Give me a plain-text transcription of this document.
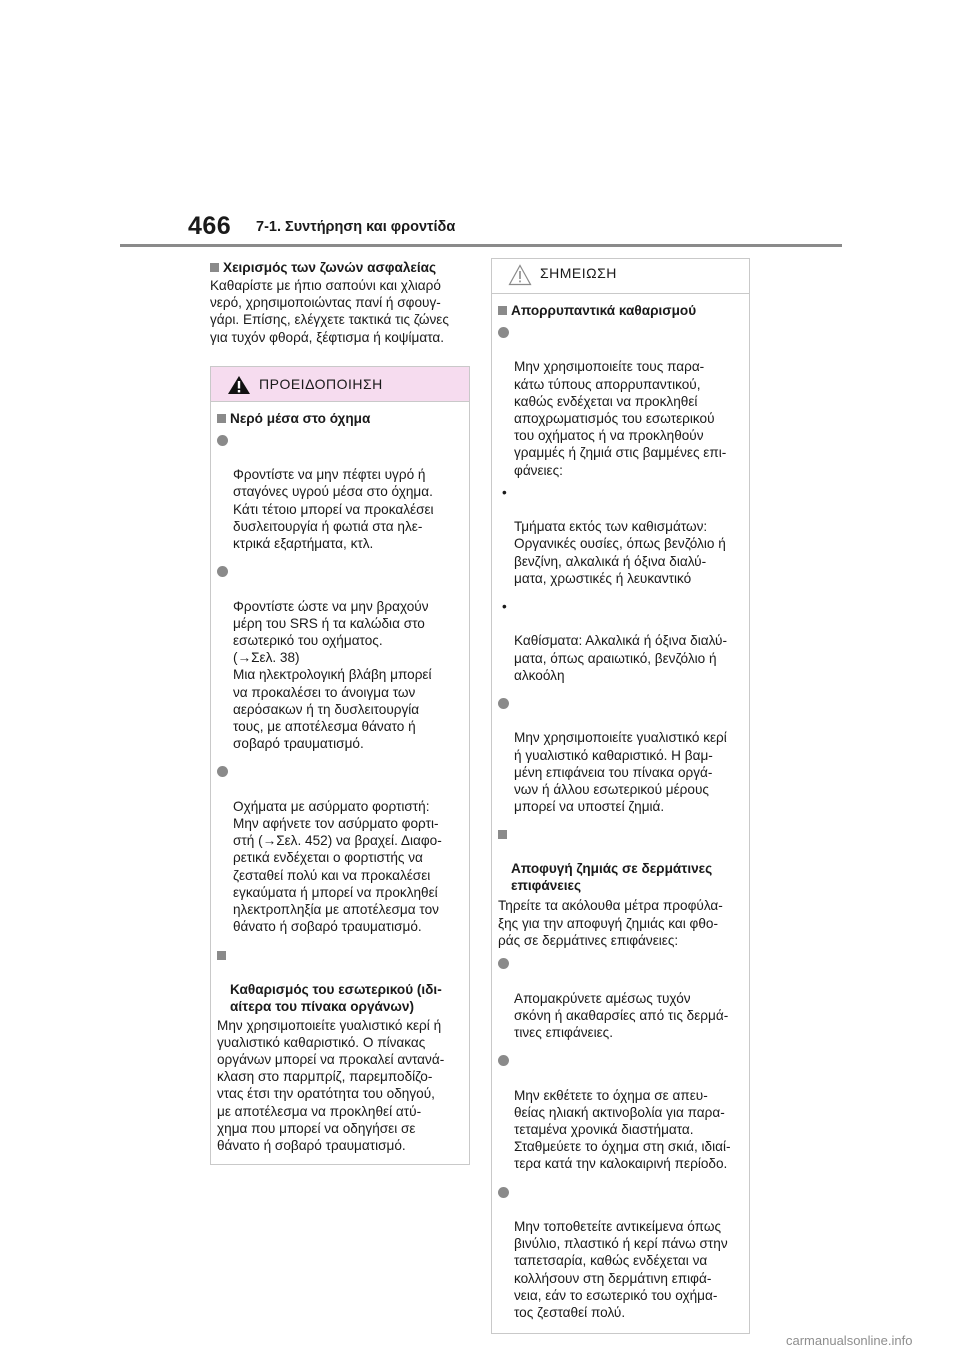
466 7-1. Συντήρηση και φροντίδα

Χειρισμός των ζωνών ασφαλείας

Καθαρίστε με ήπιο σαπούνι και χλιαρό
νερό, χρησιμοποιώντας πανί ή σφουγ-
γάρι. Επίσης, ελέγχετε τακτικά τις ζώνες
για τυχόν φθορά, ξέφτισμα ή κοψίματα.

ΠΡΟΕΙΔΟΠΟΙΗΣΗ

Νερό μέσα στο όχημα

Φροντίστε να μην πέφτει υγρό ή
σταγόνες υγρού μέσα στο όχημα.
Κάτι τέτοιο μπορεί να προκαλέσει
δυσλειτουργία ή φωτιά στα ηλε-
κτρικά εξαρτήματα, κτλ.

Φροντίστε ώστε να μην βραχούν
μέρη του SRS ή τα καλώδια στο
εσωτερικό του οχήματος.
(→Σελ. 38)
Μια ηλεκτρολογική βλάβη μπορεί
να προκαλέσει το άνοιγμα των
αερόσακων ή τη δυσλειτουργία
τους, με αποτέλεσμα θάνατο ή
σοβαρό τραυματισμό.

Οχήματα με ασύρματο φορτιστή:
Μην αφήνετε τον ασύρματο φορτι-
στή (→Σελ. 452) να βραχεί. Διαφο-
ρετικά ενδέχεται ο φορτιστής να
ζεσταθεί πολύ και να προκαλέσει
εγκαύματα ή μπορεί να προκληθεί
ηλεκτροπληξία με αποτέλεσμα τον
θάνατο ή σοβαρό τραυματισμό.

Καθαρισμός του εσωτερικού (ιδι-
αίτερα του πίνακα οργάνων)

Μην χρησιμοποιείτε γυαλιστικό κερί ή
γυαλιστικό καθαριστικό. Ο πίνακας
οργάνων μπορεί να προκαλεί αντανά-
κλαση στο παρμπρίζ, παρεμποδίζο-
ντας έτσι την ορατότητα του οδηγού,
με αποτέλεσμα να προκληθεί ατύ-
χημα που μπορεί να οδηγήσει σε
θάνατο ή σοβαρό τραυματισμό.

ΣΗΜΕΙΩΣΗ

Απορρυπαντικά καθαρισμού

Μην χρησιμοποιείτε τους παρα-
κάτω τύπους απορρυπαντικού,
καθώς ενδέχεται να προκληθεί
αποχρωματισμός του εσωτερικού
του οχήματος ή να προκληθούν
γραμμές ή ζημιά στις βαμμένες επι-
φάνειες:

•

Τμήματα εκτός των καθισμάτων:
Οργανικές ουσίες, όπως βενζόλιο ή
βενζίνη, αλκαλικά ή όξινα διαλύ-
ματα, χρωστικές ή λευκαντικό

•

Καθίσματα: Αλκαλικά ή όξινα διαλύ-
ματα, όπως αραιωτικό, βενζόλιο ή
αλκοόλη

Μην χρησιμοποιείτε γυαλιστικό κερί
ή γυαλιστικό καθαριστικό. Η βαμ-
μένη επιφάνεια του πίνακα οργά-
νων ή άλλου εσωτερικού μέρους
μπορεί να υποστεί ζημιά.

Αποφυγή ζημιάς σε δερμάτινες
επιφάνειες

Τηρείτε τα ακόλουθα μέτρα προφύλα-
ξης για την αποφυγή ζημιάς και φθο-
ράς σε δερμάτινες επιφάνειες:

Απομακρύνετε αμέσως τυχόν
σκόνη ή ακαθαρσίες από τις δερμά-
τινες επιφάνειες.

Μην εκθέτετε το όχημα σε απευ-
θείας ηλιακή ακτινοβολία για παρα-
τεταμένα χρονικά διαστήματα.
Σταθμεύετε το όχημα στη σκιά, ιδιαί-
τερα κατά την καλοκαιρινή περίοδο.

Μην τοποθετείτε αντικείμενα όπως
βινύλιο, πλαστικό ή κερί πάνω στην
ταπετσαρία, καθώς ενδέχεται να
κολλήσουν στη δερμάτινη επιφά-
νεια, εάν το εσωτερικό του οχήμα-
τος ζεσταθεί πολύ.

carmanualsonline.info
